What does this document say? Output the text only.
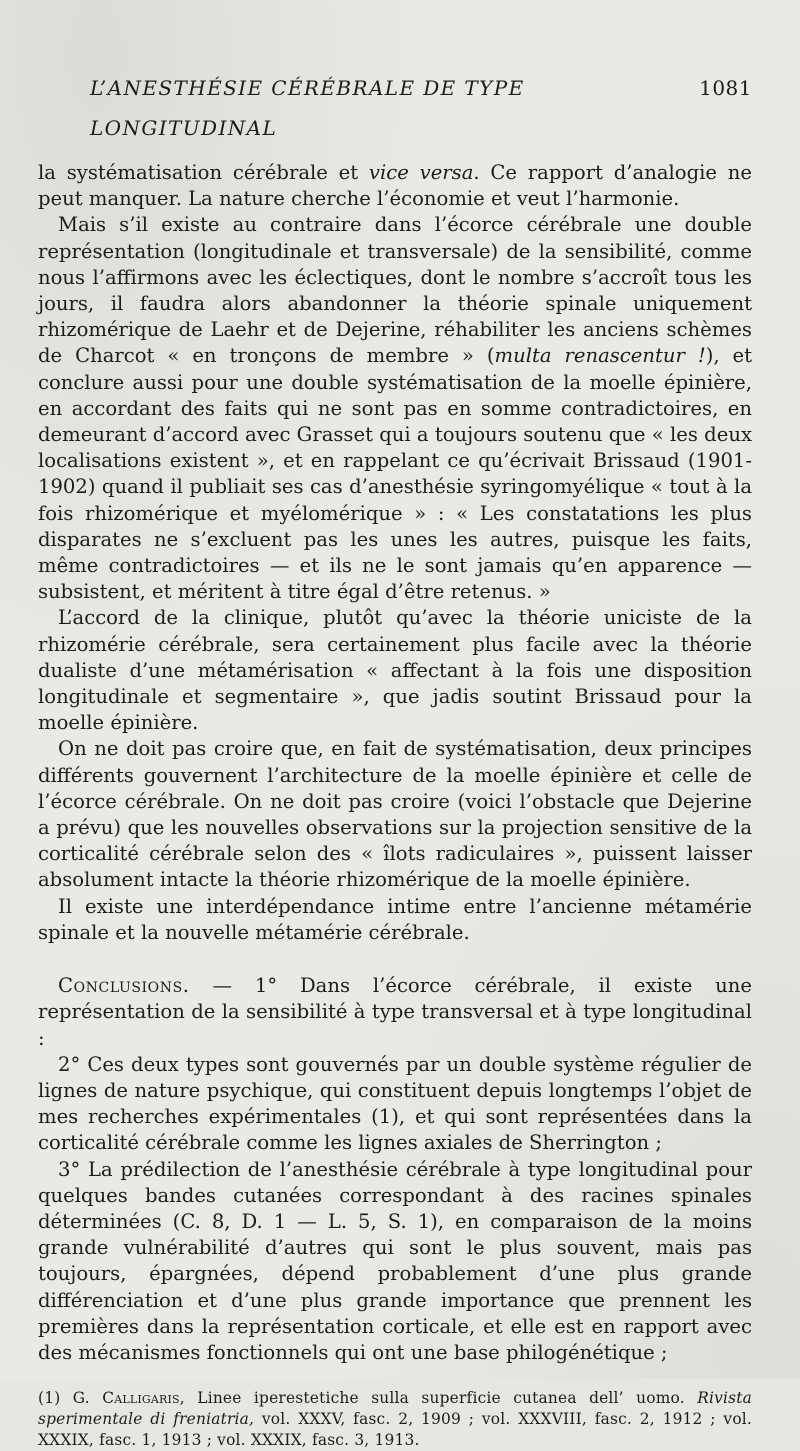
L’ANESTHÉSIE CÉRÉBRALE DE TYPE LONGITUDINAL
1081

la systématisation cérébrale et vice versa. Ce rapport d’analogie ne peut manquer. La nature cherche l’économie et veut l’harmonie.

Mais s’il existe au contraire dans l’écorce cérébrale une double représentation (longitudinale et transversale) de la sensibilité, comme nous l’affirmons avec les éclectiques, dont le nombre s’accroît tous les jours, il faudra alors abandonner la théorie spinale uniquement rhizomérique de Laehr et de Dejerine, réhabiliter les anciens schèmes de Charcot « en tronçons de membre » (multa renascentur !), et conclure aussi pour une double systématisation de la moelle épinière, en accordant des faits qui ne sont pas en somme contradictoires, en demeurant d’accord avec Grasset qui a toujours soutenu que « les deux localisations existent », et en rappelant ce qu’écrivait Brissaud (1901-1902) quand il publiait ses cas d’anesthésie syringomyélique « tout à la fois rhizomérique et myélomérique » : « Les constatations les plus disparates ne s’excluent pas les unes les autres, puisque les faits, même contradictoires — et ils ne le sont jamais qu’en apparence — subsistent, et méritent à titre égal d’être retenus. »

L’accord de la clinique, plutôt qu’avec la théorie uniciste de la rhizomérie cérébrale, sera certainement plus facile avec la théorie dualiste d’une métamérisation « affectant à la fois une disposition longitudinale et segmentaire », que jadis soutint Brissaud pour la moelle épinière.

On ne doit pas croire que, en fait de systématisation, deux principes différents gouvernent l’architecture de la moelle épinière et celle de l’écorce cérébrale. On ne doit pas croire (voici l’obstacle que Dejerine a prévu) que les nouvelles observations sur la projection sensitive de la corticalité cérébrale selon des « îlots radiculaires », puissent laisser absolument intacte la théorie rhizomérique de la moelle épinière.

Il existe une interdépendance intime entre l’ancienne métamérie spinale et la nouvelle métamérie cérébrale.

Conclusions. — 1° Dans l’écorce cérébrale, il existe une représentation de la sensibilité à type transversal et à type longitudinal :

2° Ces deux types sont gouvernés par un double système régulier de lignes de nature psychique, qui constituent depuis longtemps l’objet de mes recherches expérimentales (1), et qui sont représentées dans la corticalité cérébrale comme les lignes axiales de Sherrington ;

3° La prédilection de l’anesthésie cérébrale à type longitudinal pour quelques bandes cutanées correspondant à des racines spinales déterminées (C. 8, D. 1 — L. 5, S. 1), en comparaison de la moins grande vulnérabilité d’autres qui sont le plus souvent, mais pas toujours, épargnées, dépend probablement d’une plus grande différenciation et d’une plus grande importance que prennent les premières dans la représentation corticale, et elle est en rapport avec des mécanismes fonctionnels qui ont une base philogénétique ;

(1) G. Calligaris, Linee iperestetiche sulla superficie cutanea dell’ uomo. Rivista sperimentale di freniatria, vol. XXXV, fasc. 2, 1909 ; vol. XXXVIII, fasc. 2, 1912 ; vol. XXXIX, fasc. 1, 1913 ; vol. XXXIX, fasc. 3, 1913.
